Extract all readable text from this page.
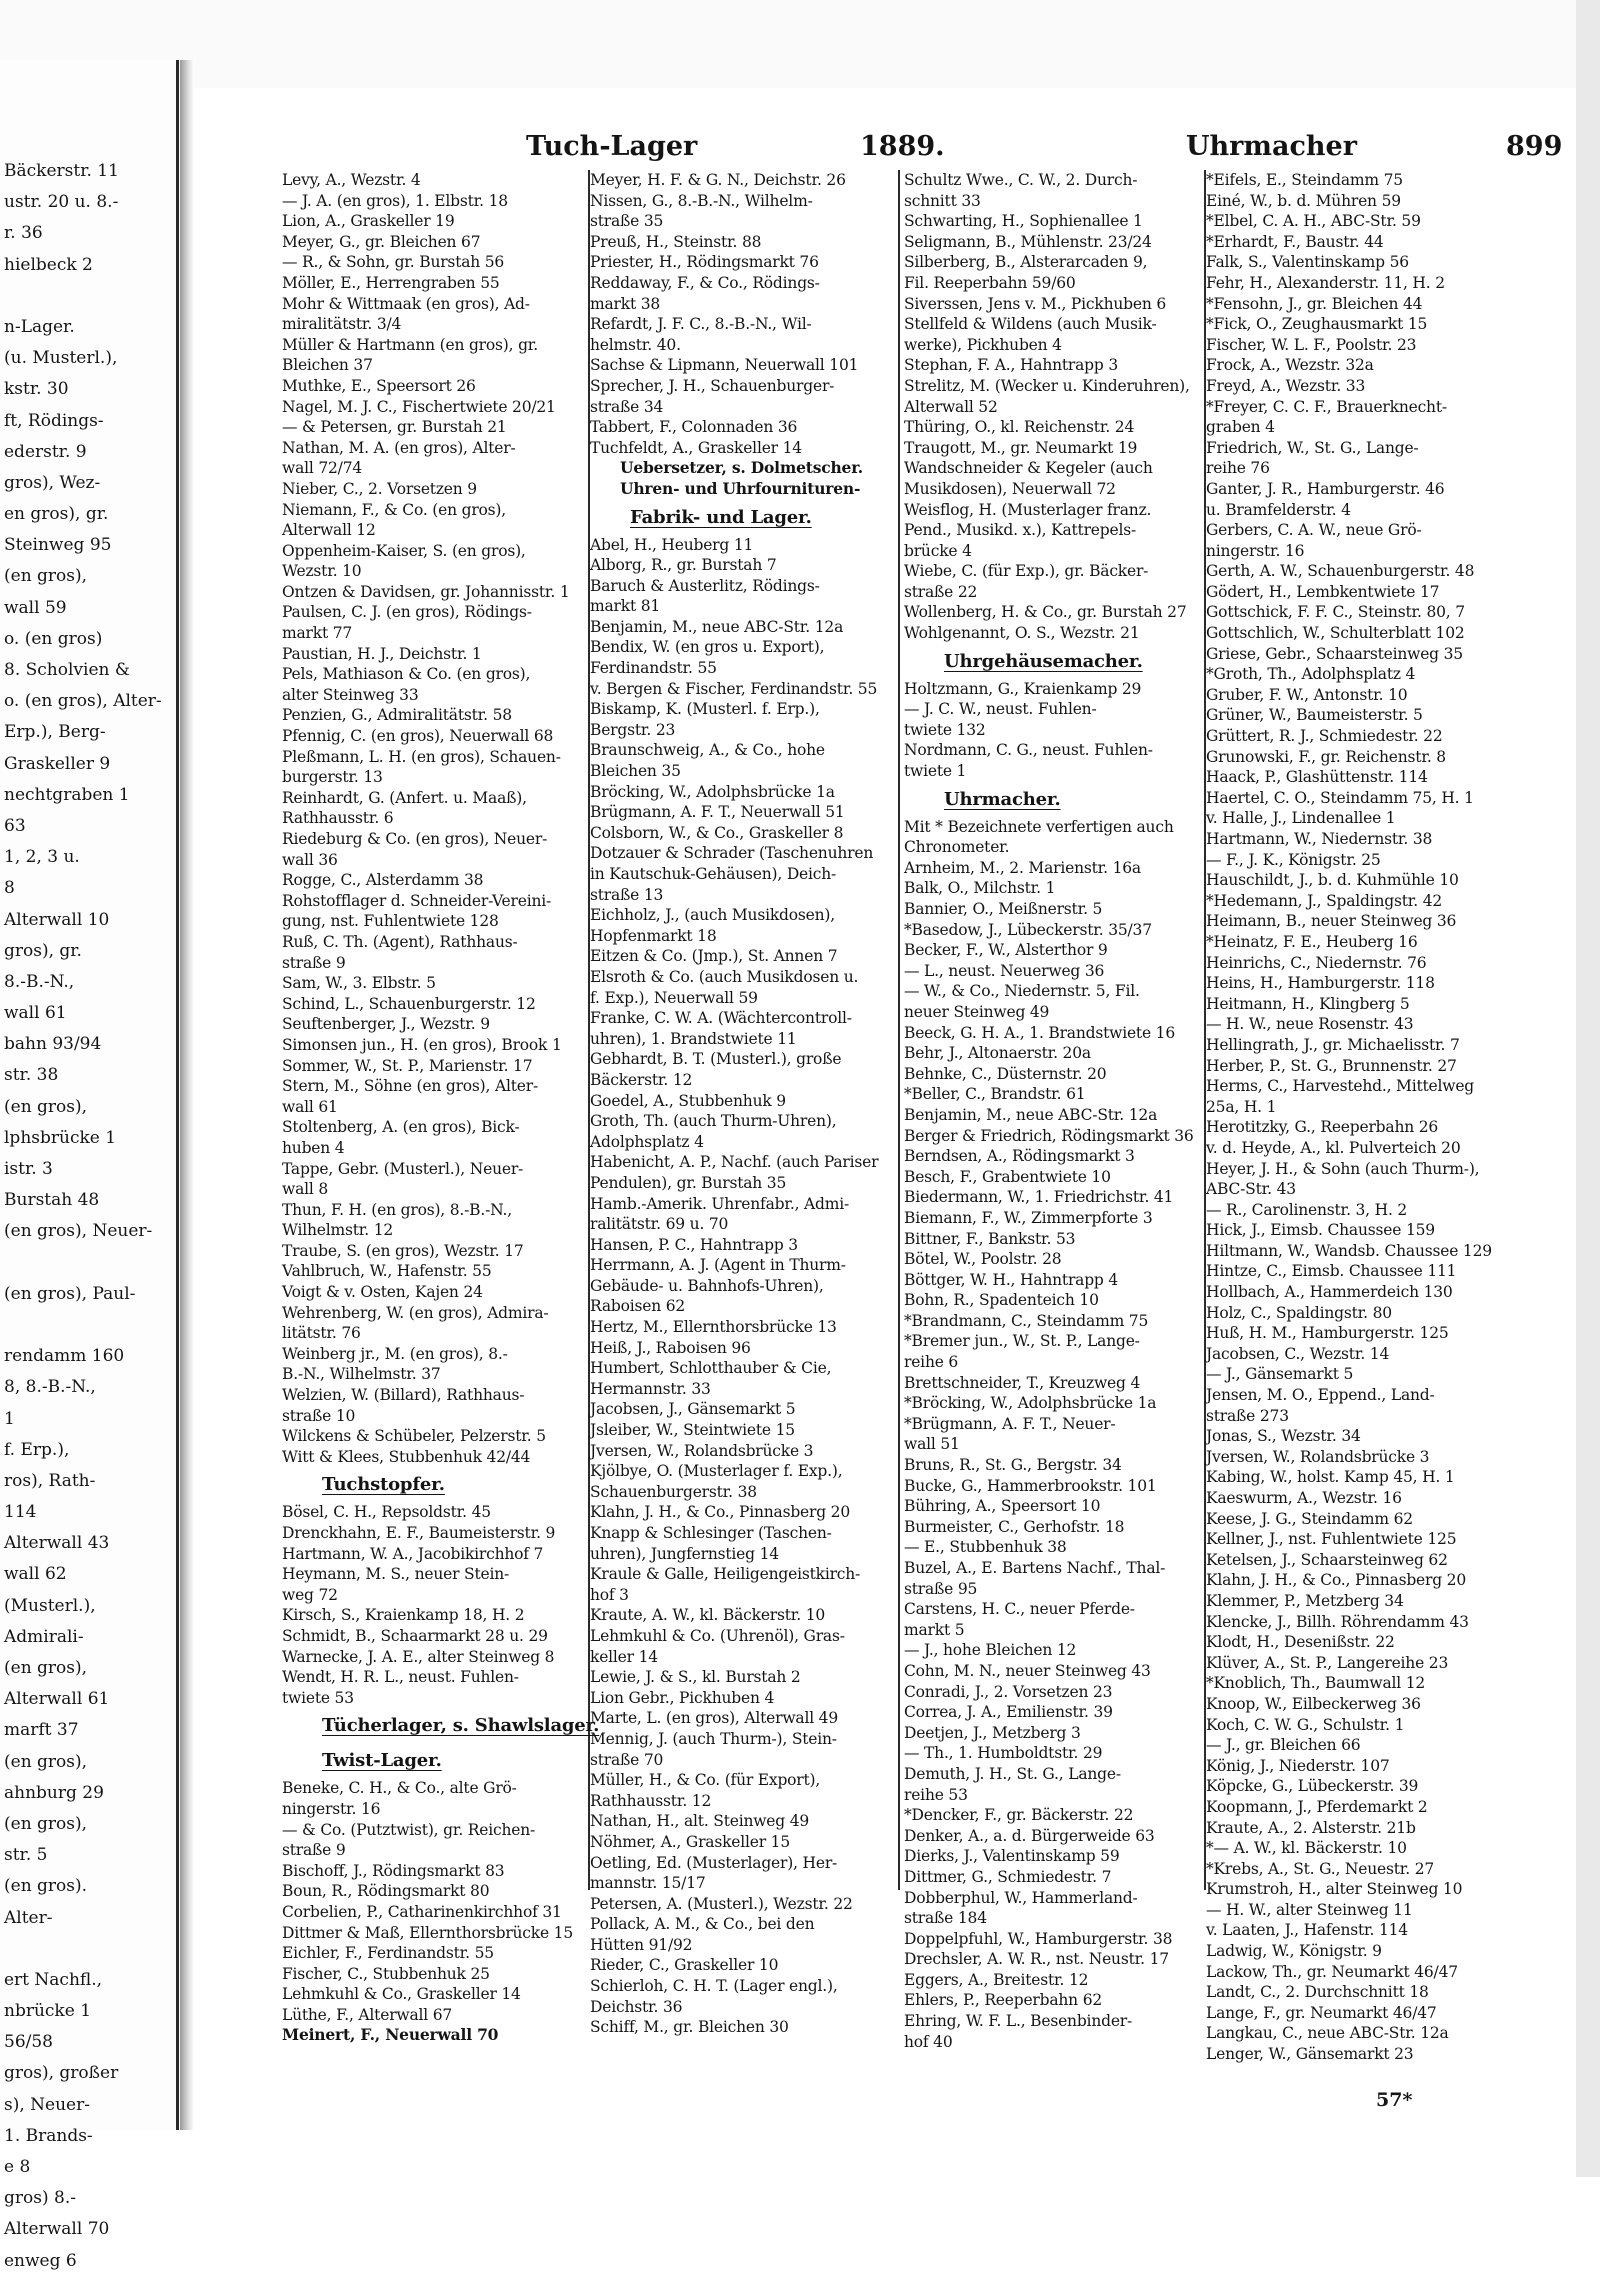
Bäckerstr. 11
ustr. 20 u. 8.-
r. 36
hielbeck 2
n-Lager.
(u. Musterl.),
kstr. 30
ft, Rödings-
ederstr. 9
gros), Wez-
en gros), gr.
Steinweg 95
(en gros),
wall 59
o. (en gros)
8. Scholvien &
o. (en gros), Alter-
Erp.), Berg-
Graskeller 9
nechtgraben 1
63
1, 2, 3 u.
8
Alterwall 10
gros), gr.
8.-B.-N.,
wall 61
bahn 93/94
str. 38
(en gros),
lphsbrücke 1
istr. 3
Burstah 48
(en gros), Neuer-
(en gros), Paul-
rendamm 160
8, 8.-B.-N.,
1
f. Erp.),
ros), Rath-
114
Alterwall 43
wall 62
(Musterl.),
Admirali-
(en gros),
Alterwall 61
marft 37
(en gros),
ahnburg 29
(en gros),
str. 5
(en gros).
Alter-
ert Nachfl.,
nbrücke 1
56/58
gros), großer
s), Neuer-
1. Brands-
e 8
gros) 8.-
Alterwall 70
enweg 6
Tuch-Lager	1889.	Uhrmacher	899
Levy, A., Wezstr. 4
— J. A. (en gros), 1. Elbstr. 18
Lion, A., Graskeller 19
Meyer, G., gr. Bleichen 67
— R., & Sohn, gr. Burstah 56
Möller, E., Herrengraben 55
Mohr & Wittmaak (en gros), Ad-
miralitätstr. 3/4
Müller & Hartmann (en gros), gr.
Bleichen 37
Muthke, E., Speersort 26
Nagel, M. J. C., Fischertwiete 20/21
— & Petersen, gr. Burstah 21
Nathan, M. A. (en gros), Alter-
wall 72/74
Nieber, C., 2. Vorsetzen 9
Niemann, F., & Co. (en gros),
Alterwall 12
Oppenheim-Kaiser, S. (en gros),
Wezstr. 10
Ontzen & Davidsen, gr. Johannisstr. 1
Paulsen, C. J. (en gros), Rödings-
markt 77
Paustian, H. J., Deichstr. 1
Pels, Mathiason & Co. (en gros),
alter Steinweg 33
Penzien, G., Admiralitätstr. 58
Pfennig, C. (en gros), Neuerwall 68
Pleßmann, L. H. (en gros), Schauen-
burgerstr. 13
Reinhardt, G. (Anfert. u. Maaß),
Rathhausstr. 6
Riedeburg & Co. (en gros), Neuer-
wall 36
Rogge, C., Alsterdamm 38
Rohstofflager d. Schneider-Vereini-
gung, nst. Fuhlentwiete 128
Ruß, C. Th. (Agent), Rathhaus-
straße 9
Sam, W., 3. Elbstr. 5
Schind, L., Schauenburgerstr. 12
Seuftenberger, J., Wezstr. 9
Simonsen jun., H. (en gros), Brook 1
Sommer, W., St. P., Marienstr. 17
Stern, M., Söhne (en gros), Alter-
wall 61
Stoltenberg, A. (en gros), Bick-
huben 4
Tappe, Gebr. (Musterl.), Neuer-
wall 8
Thun, F. H. (en gros), 8.-B.-N.,
Wilhelmstr. 12
Traube, S. (en gros), Wezstr. 17
Vahlbruch, W., Hafenstr. 55
Voigt & v. Osten, Kajen 24
Wehrenberg, W. (en gros), Admira-
litätstr. 76
Weinberg jr., M. (en gros), 8.-
B.-N., Wilhelmstr. 37
Welzien, W. (Billard), Rathhaus-
straße 10
Wilckens & Schübeler, Pelzerstr. 5
Witt & Klees, Stubbenhuk 42/44
Tuchstopfer.
Bösel, C. H., Repsoldstr. 45
Drenckhahn, E. F., Baumeisterstr. 9
Hartmann, W. A., Jacobikirchhof 7
Heymann, M. S., neuer Stein-
weg 72
Kirsch, S., Kraienkamp 18, H. 2
Schmidt, B., Schaarmarkt 28 u. 29
Warnecke, J. A. E., alter Steinweg 8
Wendt, H. R. L., neust. Fuhlen-
twiete 53
Tücherlager, s. Shawlslager.
Twist-Lager.
Beneke, C. H., & Co., alte Grö-
ningerstr. 16
— & Co. (Putztwist), gr. Reichen-
straße 9
Bischoff, J., Rödingsmarkt 83
Boun, R., Rödingsmarkt 80
Corbelien, P., Catharinenkirchhof 31
Dittmer & Maß, Ellernthorsbrücke 15
Eichler, F., Ferdinandstr. 55
Fischer, C., Stubbenhuk 25
Lehmkuhl & Co., Graskeller 14
Lüthe, F., Alterwall 67
Meinert, F., Neuerwall 70
Meyer, H. F. & G. N., Deichstr. 26
Nissen, G., 8.-B.-N., Wilhelm-
straße 35
Preuß, H., Steinstr. 88
Priester, H., Rödingsmarkt 76
Reddaway, F., & Co., Rödings-
markt 38
Refardt, J. F. C., 8.-B.-N., Wil-
helmstr. 40.
Sachse & Lipmann, Neuerwall 101
Sprecher, J. H., Schauenburger-
straße 34
Tabbert, F., Colonnaden 36
Tuchfeldt, A., Graskeller 14
Uebersetzer, s. Dolmetscher.
Uhren- und Uhrfournituren-
Fabrik- und Lager.
Abel, H., Heuberg 11
Alborg, R., gr. Burstah 7
Baruch & Austerlitz, Rödings-
markt 81
Benjamin, M., neue ABC-Str. 12a
Bendix, W. (en gros u. Export),
Ferdinandstr. 55
v. Bergen & Fischer, Ferdinandstr. 55
Biskamp, K. (Musterl. f. Erp.),
Bergstr. 23
Braunschweig, A., & Co., hohe
Bleichen 35
Bröcking, W., Adolphsbrücke 1a
Brügmann, A. F. T., Neuerwall 51
Colsborn, W., & Co., Graskeller 8
Dotzauer & Schrader (Taschenuhren
in Kautschuk-Gehäusen), Deich-
straße 13
Eichholz, J., (auch Musikdosen),
Hopfenmarkt 18
Eitzen & Co. (Jmp.), St. Annen 7
Elsroth & Co. (auch Musikdosen u.
f. Exp.), Neuerwall 59
Franke, C. W. A. (Wächtercontroll-
uhren), 1. Brandstwiete 11
Gebhardt, B. T. (Musterl.), große
Bäckerstr. 12
Goedel, A., Stubbenhuk 9
Groth, Th. (auch Thurm-Uhren),
Adolphsplatz 4
Habenicht, A. P., Nachf. (auch Pariser
Pendulen), gr. Burstah 35
Hamb.-Amerik. Uhrenfabr., Admi-
ralitätstr. 69 u. 70
Hansen, P. C., Hahntrapp 3
Herrmann, A. J. (Agent in Thurm-
Gebäude- u. Bahnhofs-Uhren),
Raboisen 62
Hertz, M., Ellernthorsbrücke 13
Heiß, J., Raboisen 96
Humbert, Schlotthauber & Cie,
Hermannstr. 33
Jacobsen, J., Gänsemarkt 5
Jsleiber, W., Steintwiete 15
Jversen, W., Rolandsbrücke 3
Kjölbye, O. (Musterlager f. Exp.),
Schauenburgerstr. 38
Klahn, J. H., & Co., Pinnasberg 20
Knapp & Schlesinger (Taschen-
uhren), Jungfernstieg 14
Kraule & Galle, Heiligengeistkirch-
hof 3
Kraute, A. W., kl. Bäckerstr. 10
Lehmkuhl & Co. (Uhrenöl), Gras-
keller 14
Lewie, J. & S., kl. Burstah 2
Lion Gebr., Pickhuben 4
Marte, L. (en gros), Alterwall 49
Mennig, J. (auch Thurm-), Stein-
straße 70
Müller, H., & Co. (für Export),
Rathhausstr. 12
Nathan, H., alt. Steinweg 49
Nöhmer, A., Graskeller 15
Oetling, Ed. (Musterlager), Her-
mannstr. 15/17
Petersen, A. (Musterl.), Wezstr. 22
Pollack, A. M., & Co., bei den
Hütten 91/92
Rieder, C., Graskeller 10
Schierloh, C. H. T. (Lager engl.),
Deichstr. 36
Schiff, M., gr. Bleichen 30
Schultz Wwe., C. W., 2. Durch-
schnitt 33
Schwarting, H., Sophienallee 1
Seligmann, B., Mühlenstr. 23/24
Silberberg, B., Alsterarcaden 9,
Fil. Reeperbahn 59/60
Siverssen, Jens v. M., Pickhuben 6
Stellfeld & Wildens (auch Musik-
werke), Pickhuben 4
Stephan, F. A., Hahntrapp 3
Strelitz, M. (Wecker u. Kinderuhren),
Alterwall 52
Thüring, O., kl. Reichenstr. 24
Traugott, M., gr. Neumarkt 19
Wandschneider & Kegeler (auch
Musikdosen), Neuerwall 72
Weisflog, H. (Musterlager franz.
Pend., Musikd. x.), Kattrepels-
brücke 4
Wiebe, C. (für Exp.), gr. Bäcker-
straße 22
Wollenberg, H. & Co., gr. Burstah 27
Wohlgenannt, O. S., Wezstr. 21
Uhrgehäusemacher.
Holtzmann, G., Kraienkamp 29
— J. C. W., neust. Fuhlen-
twiete 132
Nordmann, C. G., neust. Fuhlen-
twiete 1
Uhrmacher.
Mit * Bezeichnete verfertigen auch
Chronometer.
Arnheim, M., 2. Marienstr. 16a
Balk, O., Milchstr. 1
Bannier, O., Meißnerstr. 5
*Basedow, J., Lübeckerstr. 35/37
Becker, F., W., Alsterthor 9
— L., neust. Neuerweg 36
— W., & Co., Niedernstr. 5, Fil.
neuer Steinweg 49
Beeck, G. H. A., 1. Brandstwiete 16
Behr, J., Altonaerstr. 20a
Behnke, C., Düsternstr. 20
*Beller, C., Brandstr. 61
Benjamin, M., neue ABC-Str. 12a
Berger & Friedrich, Rödingsmarkt 36
Berndsen, A., Rödingsmarkt 3
Besch, F., Grabentwiete 10
Biedermann, W., 1. Friedrichstr. 41
Biemann, F., W., Zimmerpforte 3
Bittner, F., Bankstr. 53
Bötel, W., Poolstr. 28
Böttger, W. H., Hahntrapp 4
Bohn, R., Spadenteich 10
*Brandmann, C., Steindamm 75
*Bremer jun., W., St. P., Lange-
reihe 6
Brettschneider, T., Kreuzweg 4
*Bröcking, W., Adolphsbrücke 1a
*Brügmann, A. F. T., Neuer-
wall 51
Bruns, R., St. G., Bergstr. 34
Bucke, G., Hammerbrookstr. 101
Bühring, A., Speersort 10
Burmeister, C., Gerhofstr. 18
— E., Stubbenhuk 38
Buzel, A., E. Bartens Nachf., Thal-
straße 95
Carstens, H. C., neuer Pferde-
markt 5
— J., hohe Bleichen 12
Cohn, M. N., neuer Steinweg 43
Conradi, J., 2. Vorsetzen 23
Correa, J. A., Emilienstr. 39
Deetjen, J., Metzberg 3
— Th., 1. Humboldtstr. 29
Demuth, J. H., St. G., Lange-
reihe 53
*Dencker, F., gr. Bäckerstr. 22
Denker, A., a. d. Bürgerweide 63
Dierks, J., Valentinskamp 59
Dittmer, G., Schmiedestr. 7
Dobberphul, W., Hammerland-
straße 184
Doppelpfuhl, W., Hamburgerstr. 38
Drechsler, A. W. R., nst. Neustr. 17
Eggers, A., Breitestr. 12
Ehlers, P., Reeperbahn 62
Ehring, W. F. L., Besenbinder-
hof 40
*Eifels, E., Steindamm 75
Einé, W., b. d. Mühren 59
*Elbel, C. A. H., ABC-Str. 59
*Erhardt, F., Baustr. 44
Falk, S., Valentinskamp 56
Fehr, H., Alexanderstr. 11, H. 2
*Fensohn, J., gr. Bleichen 44
*Fick, O., Zeughausmarkt 15
Fischer, W. L. F., Poolstr. 23
Frock, A., Wezstr. 32a
Freyd, A., Wezstr. 33
*Freyer, C. C. F., Brauerknecht-
graben 4
Friedrich, W., St. G., Lange-
reihe 76
Ganter, J. R., Hamburgerstr. 46
u. Bramfelderstr. 4
Gerbers, C. A. W., neue Grö-
ningerstr. 16
Gerth, A. W., Schauenburgerstr. 48
Gödert, H., Lembkentwiete 17
Gottschick, F. F. C., Steinstr. 80, 7
Gottschlich, W., Schulterblatt 102
Griese, Gebr., Schaarsteinweg 35
*Groth, Th., Adolphsplatz 4
Gruber, F. W., Antonstr. 10
Grüner, W., Baumeisterstr. 5
Grüttert, R. J., Schmiedestr. 22
Grunowski, F., gr. Reichenstr. 8
Haack, P., Glashüttenstr. 114
Haertel, C. O., Steindamm 75, H. 1
v. Halle, J., Lindenallee 1
Hartmann, W., Niedernstr. 38
— F., J. K., Königstr. 25
Hauschildt, J., b. d. Kuhmühle 10
*Hedemann, J., Spaldingstr. 42
Heimann, B., neuer Steinweg 36
*Heinatz, F. E., Heuberg 16
Heinrichs, C., Niedernstr. 76
Heins, H., Hamburgerstr. 118
Heitmann, H., Klingberg 5
— H. W., neue Rosenstr. 43
Hellingrath, J., gr. Michaelisstr. 7
Herber, P., St. G., Brunnenstr. 27
Herms, C., Harvestehd., Mittelweg
25a, H. 1
Herotitzky, G., Reeperbahn 26
v. d. Heyde, A., kl. Pulverteich 20
Heyer, J. H., & Sohn (auch Thurm-),
ABC-Str. 43
— R., Carolinenstr. 3, H. 2
Hick, J., Eimsb. Chaussee 159
Hiltmann, W., Wandsb. Chaussee 129
Hintze, C., Eimsb. Chaussee 111
Hollbach, A., Hammerdeich 130
Holz, C., Spaldingstr. 80
Huß, H. M., Hamburgerstr. 125
Jacobsen, C., Wezstr. 14
— J., Gänsemarkt 5
Jensen, M. O., Eppend., Land-
straße 273
Jonas, S., Wezstr. 34
Jversen, W., Rolandsbrücke 3
Kabing, W., holst. Kamp 45, H. 1
Kaeswurm, A., Wezstr. 16
Keese, J. G., Steindamm 62
Kellner, J., nst. Fuhlentwiete 125
Ketelsen, J., Schaarsteinweg 62
Klahn, J. H., & Co., Pinnasberg 20
Klemmer, P., Metzberg 34
Klencke, J., Billh. Röhrendamm 43
Klodt, H., Desenißstr. 22
Klüver, A., St. P., Langereihe 23
*Knoblich, Th., Baumwall 12
Knoop, W., Eilbeckerweg 36
Koch, C. W. G., Schulstr. 1
— J., gr. Bleichen 66
König, J., Niederstr. 107
Köpcke, G., Lübeckerstr. 39
Koopmann, J., Pferdemarkt 2
Kraute, A., 2. Alsterstr. 21b
*— A. W., kl. Bäckerstr. 10
*Krebs, A., St. G., Neuestr. 27
Krumstroh, H., alter Steinweg 10
— H. W., alter Steinweg 11
v. Laaten, J., Hafenstr. 114
Ladwig, W., Königstr. 9
Lackow, Th., gr. Neumarkt 46/47
Landt, C., 2. Durchschnitt 18
Lange, F., gr. Neumarkt 46/47
Langkau, C., neue ABC-Str. 12a
Lenger, W., Gänsemarkt 23
57*
